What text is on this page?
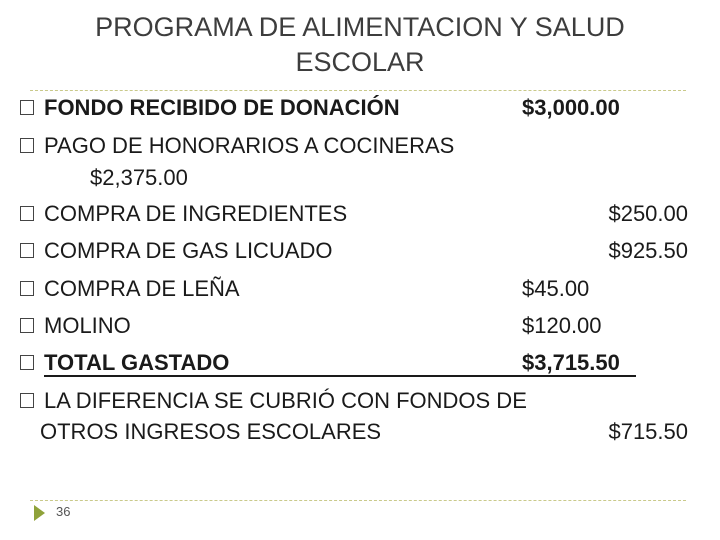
PROGRAMA DE ALIMENTACION Y SALUD
ESCOLAR
FONDO RECIBIDO DE DONACIÓN	$3,000.00
PAGO DE HONORARIOS A COCINERAS
$2,375.00
COMPRA DE INGREDIENTES	$250.00
COMPRA DE GAS LICUADO	$925.50
COMPRA DE LEÑA	$45.00
MOLINO	$120.00
TOTAL GASTADO	$3,715.50
LA DIFERENCIA SE CUBRIÓ CON FONDOS DE
OTROS INGRESOS ESCOLARES	$715.50
36
